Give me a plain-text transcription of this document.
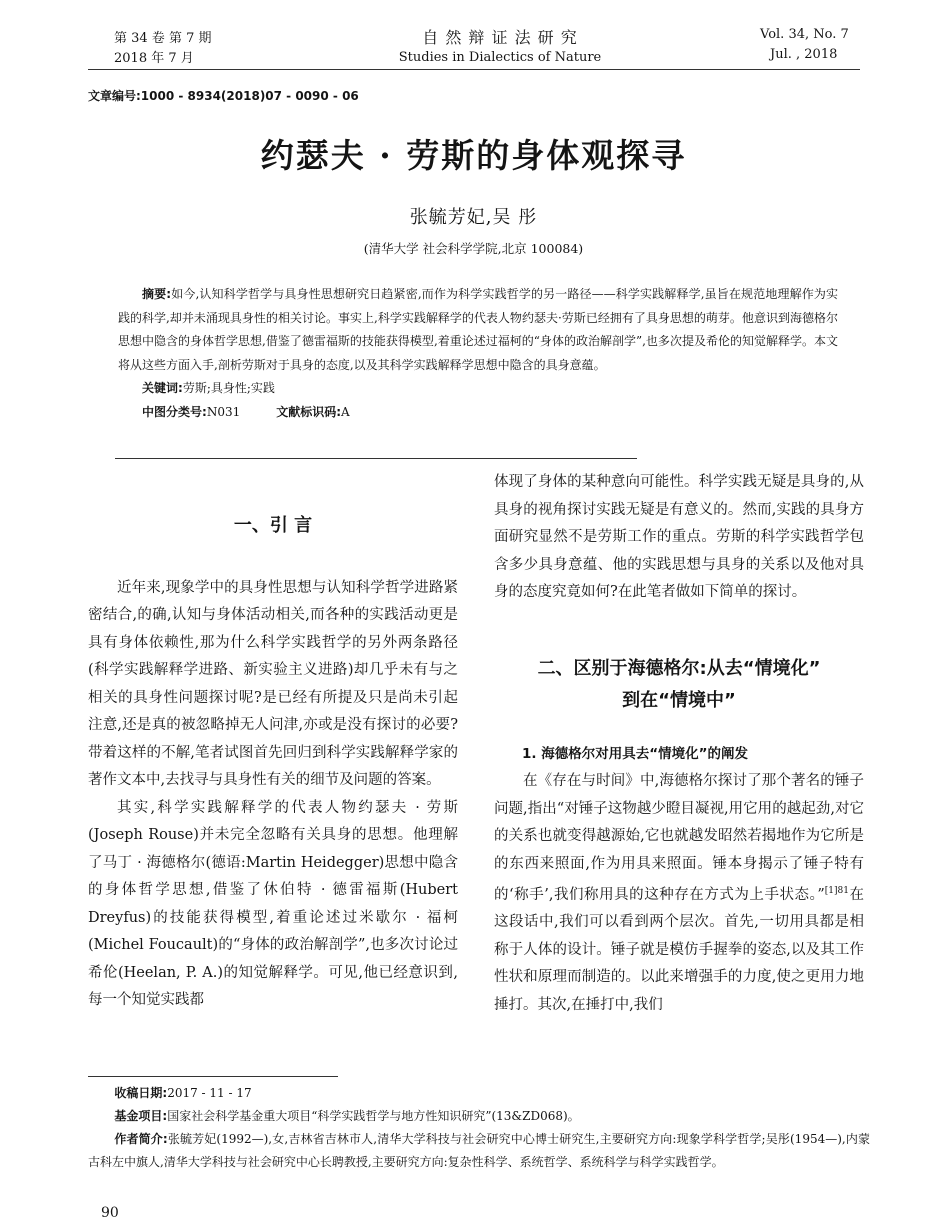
第 34 卷 第 7 期
2018 年 7 月
自 然 辩 证 法 研 究
Studies in Dialectics of Nature
Vol. 34, No. 7
Jul. , 2018
文章编号:1000 - 8934(2018)07 - 0090 - 06
约瑟夫 · 劳斯的身体观探寻
张毓芳妃,吴 彤
(清华大学 社会科学学院,北京 100084)
摘要:如今,认知科学哲学与具身性思想研究日趋紧密,而作为科学实践哲学的另一路径——科学实践解释学,虽旨在规范地理解作为实践的科学,却并未涌现具身性的相关讨论。事实上,科学实践解释学的代表人物约瑟夫·劳斯已经拥有了具身思想的萌芽。他意识到海德格尔思想中隐含的身体哲学思想,借鉴了德雷福斯的技能获得模型,着重论述过福柯的“身体的政治解剖学”,也多次提及希伦的知觉解释学。本文将从这些方面入手,剖析劳斯对于具身的态度,以及其科学实践解释学思想中隐含的具身意蕴。
关键词:劳斯;具身性;实践
中图分类号:N031	文献标识码:A
一、引 言

近年来,现象学中的具身性思想与认知科学哲学进路紧密结合,的确,认知与身体活动相关,而各种的实践活动更是具有身体依赖性,那为什么科学实践哲学的另外两条路径(科学实践解释学进路、新实验主义进路)却几乎未有与之相关的具身性问题探讨呢?是已经有所提及只是尚未引起注意,还是真的被忽略掉无人问津,亦或是没有探讨的必要?带着这样的不解,笔者试图首先回归到科学实践解释学家的著作文本中,去找寻与具身性有关的细节及问题的答案。

其实,科学实践解释学的代表人物约瑟夫 · 劳斯(Joseph Rouse)并未完全忽略有关具身的思想。他理解了马丁 · 海德格尔(德语:Martin Heidegger)思想中隐含的身体哲学思想,借鉴了休伯特 · 德雷福斯(Hubert Dreyfus)的技能获得模型,着重论述过米歇尔 · 福柯(Michel Foucault)的“身体的政治解剖学”,也多次讨论过希伦(Heelan, P. A.)的知觉解释学。可见,他已经意识到,每一个知觉实践都

体现了身体的某种意向可能性。科学实践无疑是具身的,从具身的视角探讨实践无疑是有意义的。然而,实践的具身方面研究显然不是劳斯工作的重点。劳斯的科学实践哲学包含多少具身意蕴、他的实践思想与具身的关系以及他对具身的态度究竟如何?在此笔者做如下简单的探讨。

二、区别于海德格尔:从去“情境化”
到在“情境中”
1. 海德格尔对用具去“情境化”的阐发

在《存在与时间》中,海德格尔探讨了那个著名的锤子问题,指出“对锤子这物越少瞪目凝视,用它用的越起劲,对它的关系也就变得越源始,它也就越发昭然若揭地作为它所是的东西来照面,作为用具来照面。锤本身揭示了锤子特有的‘称手’,我们称用具的这种存在方式为上手状态。”$^{[1]81}$在这段话中,我们可以看到两个层次。首先,一切用具都是相称于人体的设计。锤子就是模仿手握拳的姿态,以及其工作性状和原理而制造的。以此来增强手的力度,使之更用力地捶打。其次,在捶打中,我们

收稿日期:2017 - 11 - 17

基金项目:国家社会科学基金重大项目“科学实践哲学与地方性知识研究”(13&ZD068)。

作者简介:张毓芳妃(1992—),女,吉林省吉林市人,清华大学科技与社会研究中心博士研究生,主要研究方向:现象学科学哲学;吴彤(1954—),内蒙古科左中旗人,清华大学科技与社会研究中心长聘教授,主要研究方向:复杂性科学、系统哲学、系统科学与科学实践哲学。

90
